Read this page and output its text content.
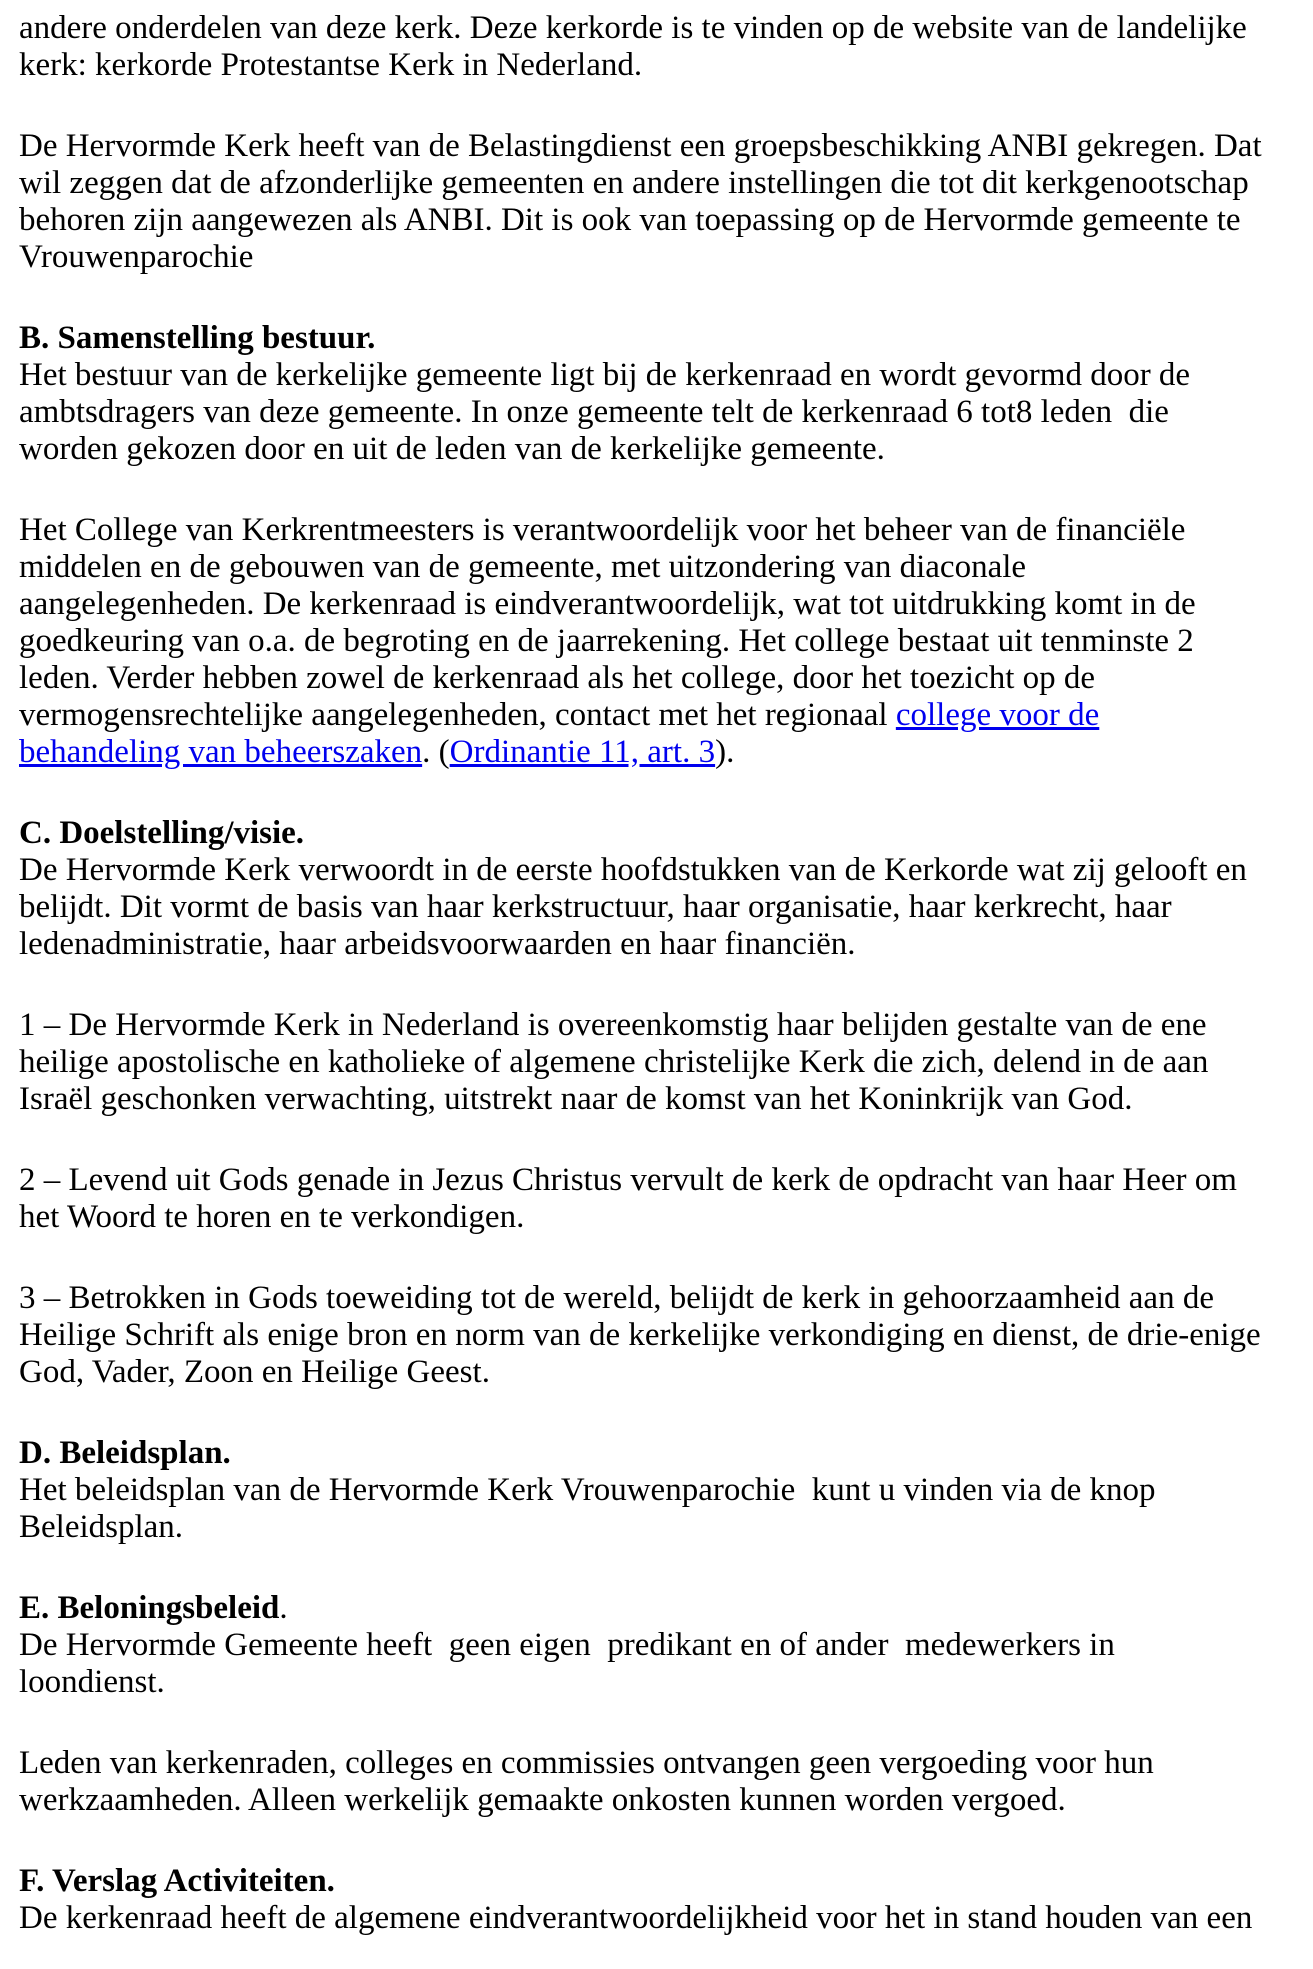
andere onderdelen van deze kerk. Deze kerkorde is te vinden op de website van de landelijke
kerk: kerkorde Protestantse Kerk in Nederland.
De Hervormde Kerk heeft van de Belastingdienst een groepsbeschikking ANBI gekregen. Dat
wil zeggen dat de afzonderlijke gemeenten en andere instellingen die tot dit kerkgenootschap
behoren zijn aangewezen als ANBI. Dit is ook van toepassing op de Hervormde gemeente te
Vrouwenparochie
B. Samenstelling bestuur.
Het bestuur van de kerkelijke gemeente ligt bij de kerkenraad en wordt gevormd door de
ambtsdragers van deze gemeente. In onze gemeente telt de kerkenraad 6 tot8 leden  die
worden gekozen door en uit de leden van de kerkelijke gemeente.
Het College van Kerkrentmeesters is verantwoordelijk voor het beheer van de financiële
middelen en de gebouwen van de gemeente, met uitzondering van diaconale
aangelegenheden. De kerkenraad is eindverantwoordelijk, wat tot uitdrukking komt in de
goedkeuring van o.a. de begroting en de jaarrekening. Het college bestaat uit tenminste 2
leden. Verder hebben zowel de kerkenraad als het college, door het toezicht op de
vermogensrechtelijke aangelegenheden, contact met het regionaal college voor de
behandeling van beheerszaken. (Ordinantie 11, art. 3).
C. Doelstelling/visie.
De Hervormde Kerk verwoordt in de eerste hoofdstukken van de Kerkorde wat zij gelooft en
belijdt. Dit vormt de basis van haar kerkstructuur, haar organisatie, haar kerkrecht, haar
ledenadministratie, haar arbeidsvoorwaarden en haar financiën.
1 – De Hervormde Kerk in Nederland is overeenkomstig haar belijden gestalte van de ene
heilige apostolische en katholieke of algemene christelijke Kerk die zich, delend in de aan
Israël geschonken verwachting, uitstrekt naar de komst van het Koninkrijk van God.
2 – Levend uit Gods genade in Jezus Christus vervult de kerk de opdracht van haar Heer om
het Woord te horen en te verkondigen.
3 – Betrokken in Gods toeweiding tot de wereld, belijdt de kerk in gehoorzaamheid aan de
Heilige Schrift als enige bron en norm van de kerkelijke verkondiging en dienst, de drie-enige
God, Vader, Zoon en Heilige Geest.
D. Beleidsplan.
Het beleidsplan van de Hervormde Kerk Vrouwenparochie  kunt u vinden via de knop
Beleidsplan.
E. Beloningsbeleid.
De Hervormde Gemeente heeft  geen eigen  predikant en of ander  medewerkers in
loondienst.
Leden van kerkenraden, colleges en commissies ontvangen geen vergoeding voor hun
werkzaamheden. Alleen werkelijk gemaakte onkosten kunnen worden vergoed.
F. Verslag Activiteiten.
De kerkenraad heeft de algemene eindverantwoordelijkheid voor het in stand houden van een
